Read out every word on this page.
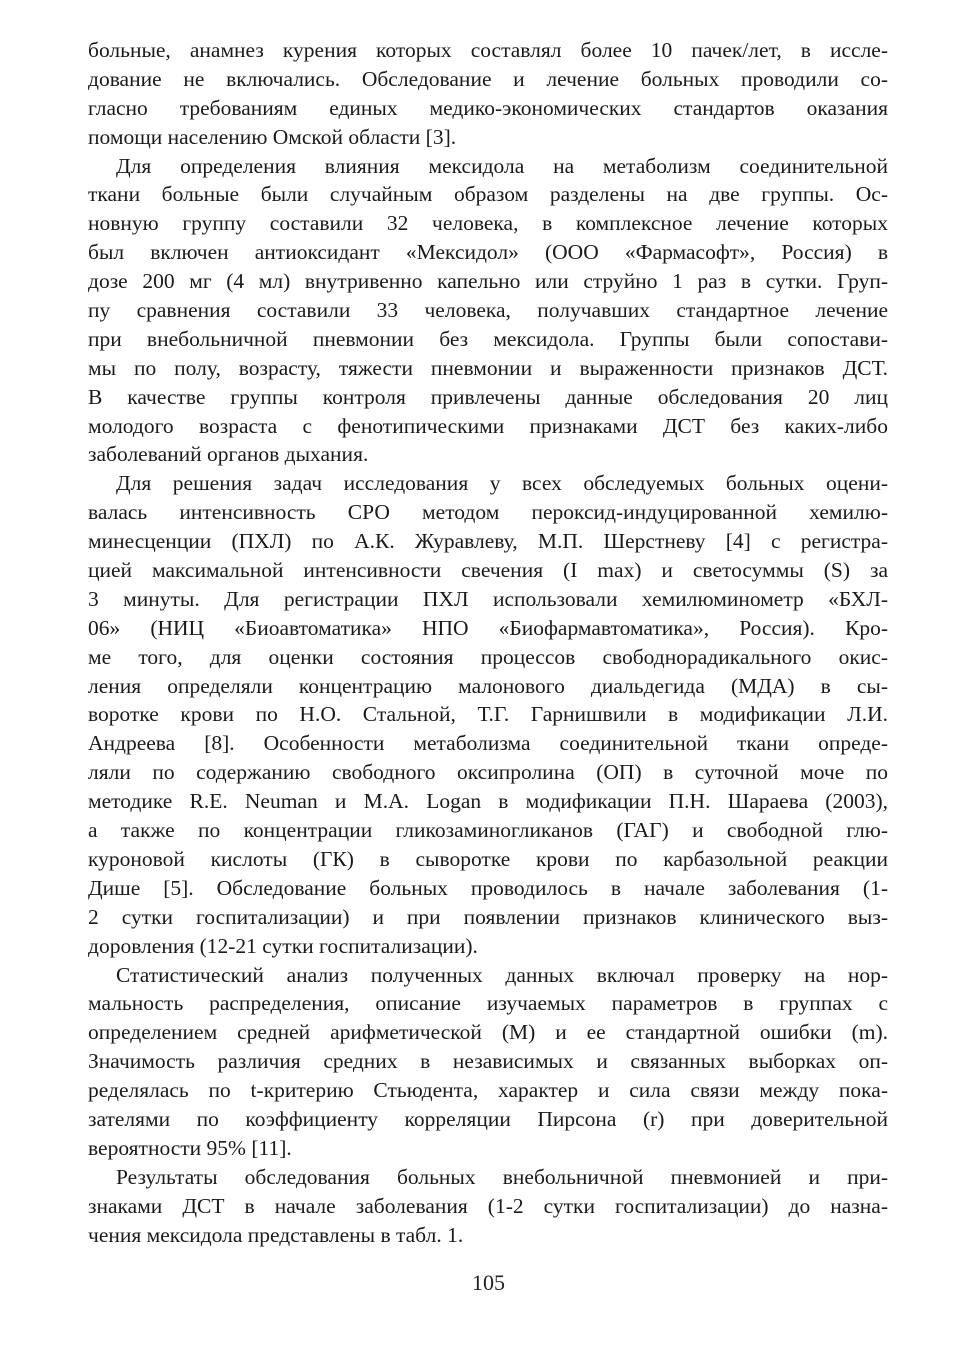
больные, анамнез курения которых составлял более 10 пачек/лет, в иссле-
дование не включались. Обследование и лечение больных проводили со-
гласно требованиям единых медико-экономических стандартов оказания
помощи населению Омской области [3].
Для определения влияния мексидола на метаболизм соединительной
ткани больные были случайным образом разделены на две группы. Ос-
новную группу составили 32 человека, в комплексное лечение которых
был включен антиоксидант «Мексидол» (ООО «Фармасофт», Россия) в
дозе 200 мг (4 мл) внутривенно капельно или струйно 1 раз в сутки. Груп-
пу сравнения составили 33 человека, получавших стандартное лечение
при внебольничной пневмонии без мексидола. Группы были сопостави-
мы по полу, возрасту, тяжести пневмонии и выраженности признаков ДСТ.
В качестве группы контроля привлечены данные обследования 20 лиц
молодого возраста с фенотипическими признаками ДСТ без каких-либо
заболеваний органов дыхания.
Для решения задач исследования у всех обследуемых больных оцени-
валась интенсивность СРО методом пероксид-индуцированной хемилю-
минесценции (ПХЛ) по А.К. Журавлеву, М.П. Шерстневу [4] с регистра-
цией максимальной интенсивности свечения (I max) и светосуммы (S) за
3 минуты. Для регистрации ПХЛ использовали хемилюминометр «БХЛ-
06» (НИЦ «Биоавтоматика» НПО «Биофармавтоматика», Россия). Кро-
ме того, для оценки состояния процессов свободнорадикального окис-
ления определяли концентрацию малонового диальдегида (МДА) в сы-
воротке крови по Н.О. Стальной, Т.Г. Гарнишвили в модификации Л.И.
Андреева [8]. Особенности метаболизма соединительной ткани опреде-
ляли по содержанию свободного оксипролина (ОП) в суточной моче по
методике R.E. Neuman и M.A. Logan в модификации П.Н. Шараева (2003),
а также по концентрации гликозаминогликанов (ГАГ) и свободной глю-
куроновой кислоты (ГК) в сыворотке крови по карбазольной реакции
Дише [5]. Обследование больных проводилось в начале заболевания (1-
2 сутки госпитализации) и при появлении признаков клинического выз-
доровления (12-21 сутки госпитализации).
Статистический анализ полученных данных включал проверку на нор-
мальность распределения, описание изучаемых параметров в группах с
определением средней арифметической (М) и ее стандартной ошибки (m).
Значимость различия средних в независимых и связанных выборках оп-
ределялась по t-критерию Стьюдента, характер и сила связи между пока-
зателями по коэффициенту корреляции Пирсона (r) при доверительной
вероятности 95% [11].
Результаты обследования больных внебольничной пневмонией и при-
знаками ДСТ в начале заболевания (1-2 сутки госпитализации) до назна-
чения мексидола представлены в табл. 1.
105
